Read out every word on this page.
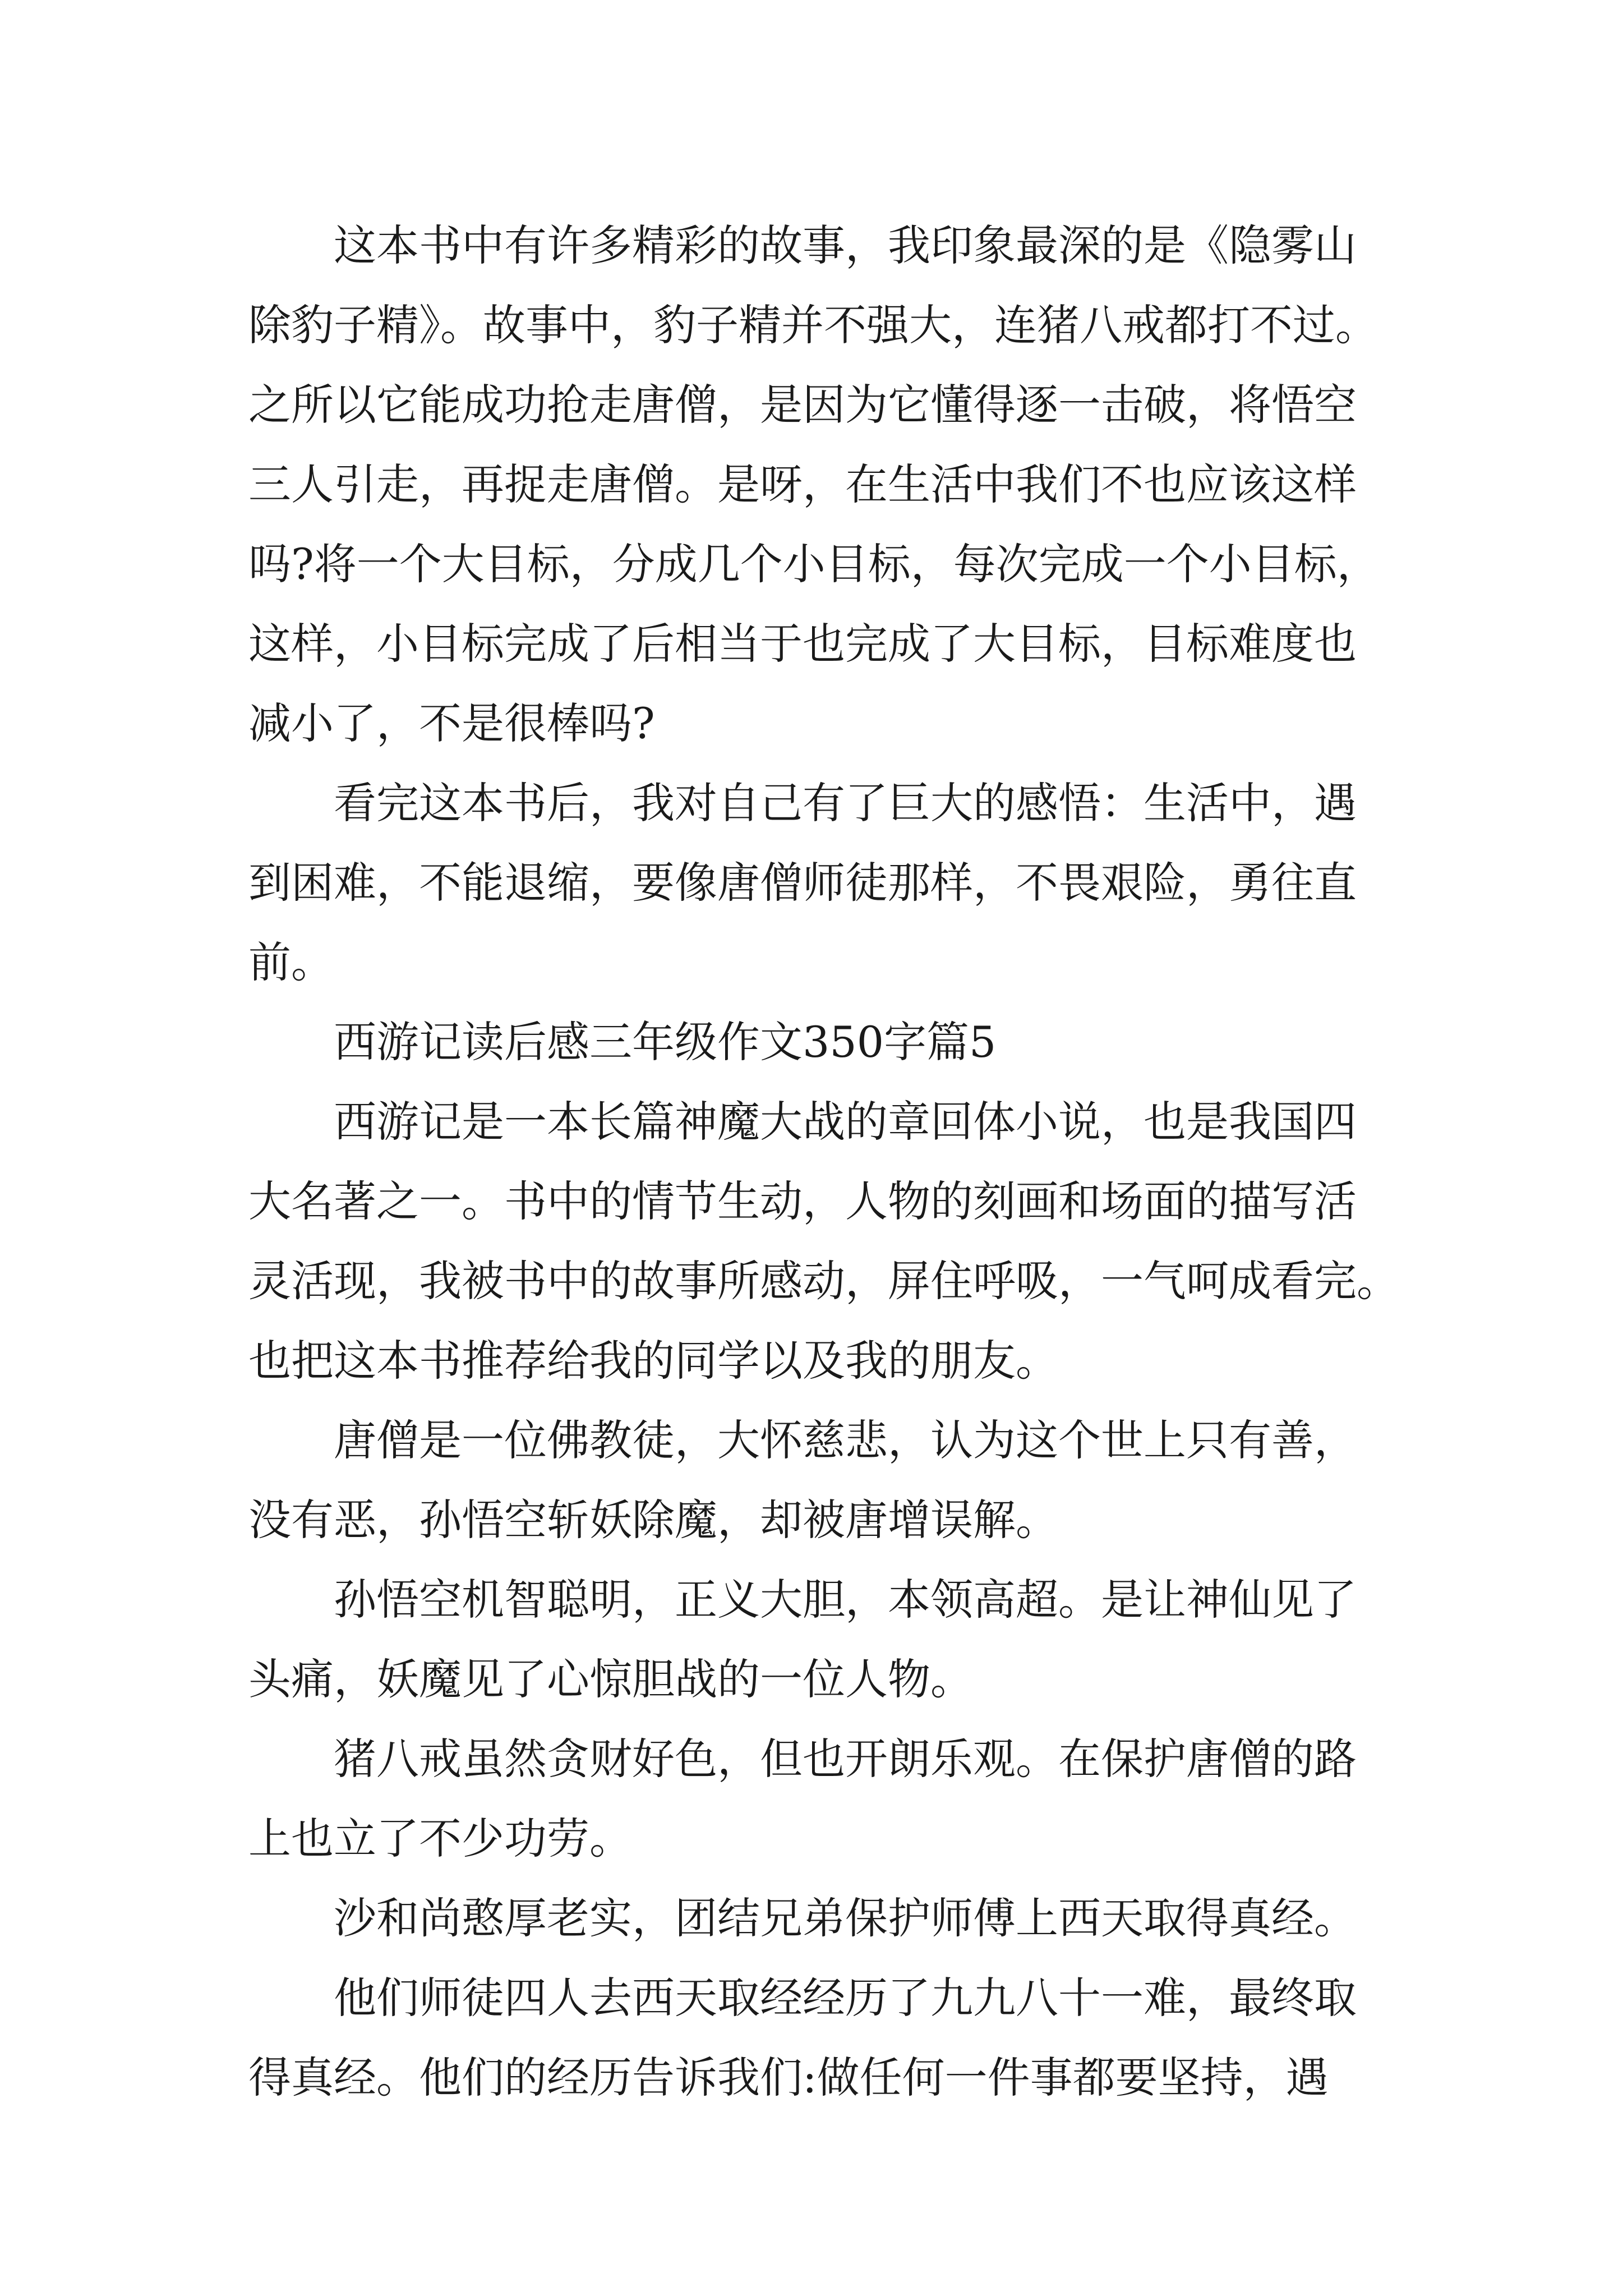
这本书中有许多精彩的故事，我印象最深的是《隐雾山
除豹子精》。故事中，豹子精并不强大，连猪八戒都打不过。
之所以它能成功抢走唐僧，是因为它懂得逐一击破，将悟空
三人引走，再捉走唐僧。是呀，在生活中我们不也应该这样
吗?将一个大目标，分成几个小目标，每次完成一个小目标，
这样，小目标完成了后相当于也完成了大目标，目标难度也
减小了，不是很棒吗?
看完这本书后，我对自己有了巨大的感悟：生活中，遇
到困难，不能退缩，要像唐僧师徒那样，不畏艰险，勇往直
前。
西游记读后感三年级作文350字篇5
西游记是一本长篇神魔大战的章回体小说，也是我国四
大名著之一。书中的情节生动，人物的刻画和场面的描写活
灵活现，我被书中的故事所感动，屏住呼吸，一气呵成看完。
也把这本书推荐给我的同学以及我的朋友。
唐僧是一位佛教徒，大怀慈悲，认为这个世上只有善，
没有恶，孙悟空斩妖除魔，却被唐增误解。
孙悟空机智聪明，正义大胆，本领高超。是让神仙见了
头痛，妖魔见了心惊胆战的一位人物。
猪八戒虽然贪财好色，但也开朗乐观。在保护唐僧的路
上也立了不少功劳。
沙和尚憨厚老实，团结兄弟保护师傅上西天取得真经。
他们师徒四人去西天取经经历了九九八十一难，最终取
得真经。他们的经历告诉我们:做任何一件事都要坚持，遇
